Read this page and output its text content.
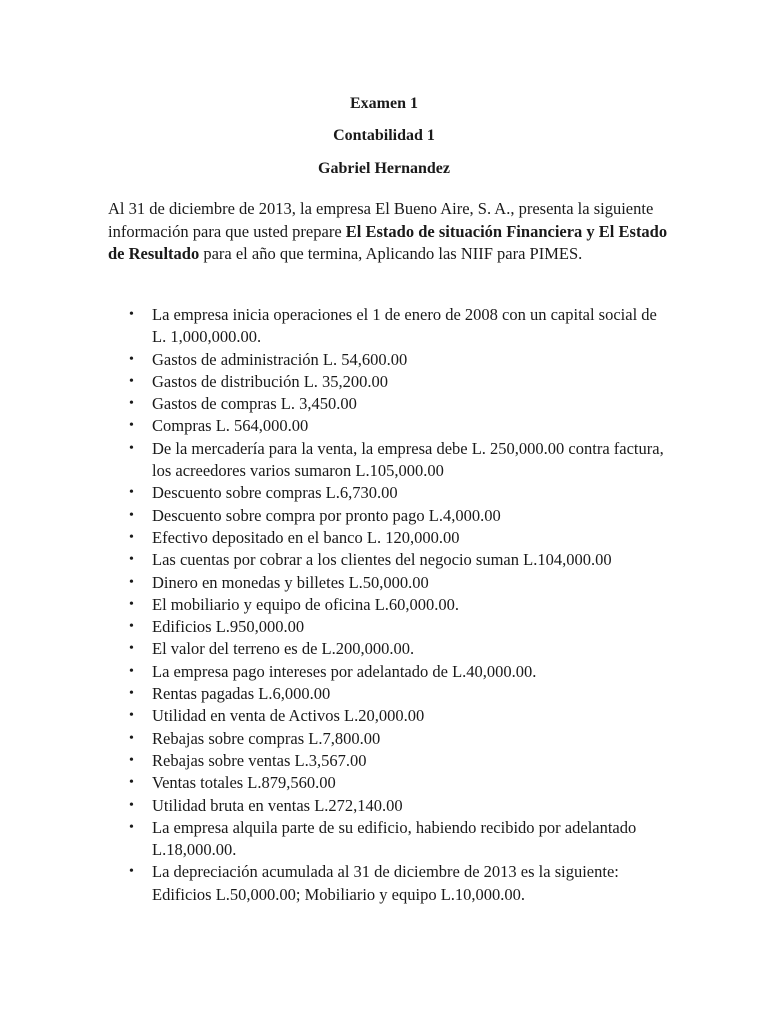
Examen 1
Contabilidad 1
Gabriel Hernandez

Al 31 de diciembre de 2013, la empresa El Bueno Aire, S. A., presenta la siguiente información para que usted prepare El Estado de situación Financiera y El Estado de Resultado para el año que termina, Aplicando las NIIF para PIMES.

• La empresa inicia operaciones el 1 de enero de 2008 con un capital social de L. 1,000,000.00.
• Gastos de administración L. 54,600.00
• Gastos de distribución L. 35,200.00
• Gastos de compras L. 3,450.00
• Compras L. 564,000.00
• De la mercadería para la venta, la empresa debe L. 250,000.00 contra factura, los acreedores varios sumaron L.105,000.00
• Descuento sobre compras L.6,730.00
• Descuento sobre compra por pronto pago L.4,000.00
• Efectivo depositado en el banco L. 120,000.00
• Las cuentas por cobrar a los clientes del negocio suman L.104,000.00
• Dinero en monedas y billetes L.50,000.00
• El mobiliario y equipo de oficina L.60,000.00.
• Edificios L.950,000.00
• El valor del terreno es de L.200,000.00.
• La empresa pago intereses por adelantado de L.40,000.00.
• Rentas pagadas L.6,000.00
• Utilidad en venta de Activos L.20,000.00
• Rebajas sobre compras L.7,800.00
• Rebajas sobre ventas L.3,567.00
• Ventas totales L.879,560.00
• Utilidad bruta en ventas L.272,140.00
• La empresa alquila parte de su edificio, habiendo recibido por adelantado L.18,000.00.
• La depreciación acumulada al 31 de diciembre de 2013 es la siguiente: Edificios L.50,000.00; Mobiliario y equipo L.10,000.00.
